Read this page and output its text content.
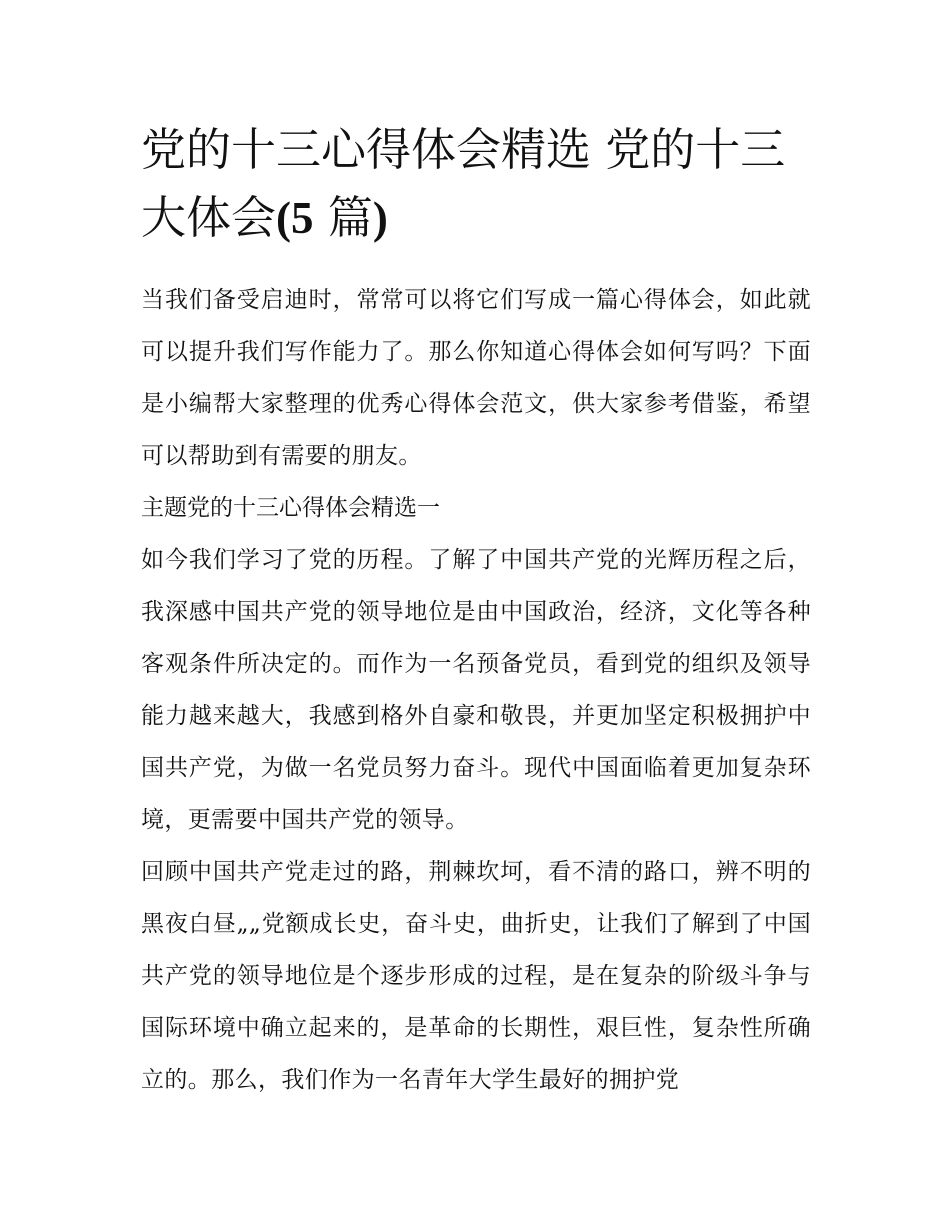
党的十三心得体会精选 党的十三大体会(5 篇)

当我们备受启迪时，常常可以将它们写成一篇心得体会，如此就可以提升我们写作能力了。那么你知道心得体会如何写吗？下面是小编帮大家整理的优秀心得体会范文，供大家参考借鉴，希望可以帮助到有需要的朋友。

主题党的十三心得体会精选一

如今我们学习了党的历程。了解了中国共产党的光辉历程之后，我深感中国共产党的领导地位是由中国政治，经济，文化等各种客观条件所决定的。而作为一名预备党员，看到党的组织及领导能力越来越大，我感到格外自豪和敬畏，并更加坚定积极拥护中国共产党，为做一名党员努力奋斗。现代中国面临着更加复杂环境，更需要中国共产党的领导。

回顾中国共产党走过的路，荆棘坎坷，看不清的路口，辨不明的黑夜白昼„„党额成长史，奋斗史，曲折史，让我们了解到了中国共产党的领导地位是个逐步形成的过程，是在复杂的阶级斗争与国际环境中确立起来的，是革命的长期性，艰巨性，复杂性所确立的。那么，我们作为一名青年大学生最好的拥护党
